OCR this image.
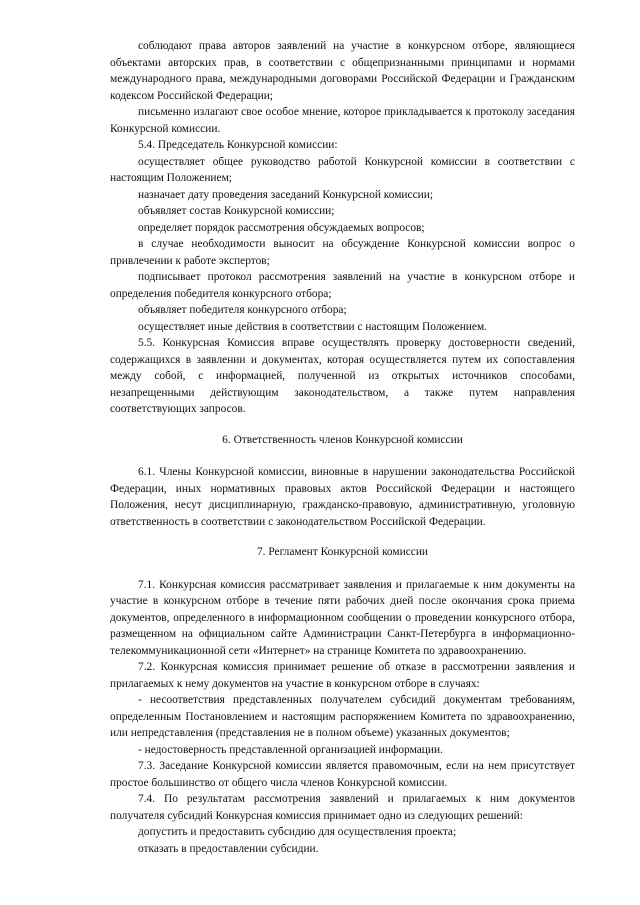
соблюдают права авторов заявлений на участие в конкурсном отборе, являющиеся объектами авторских прав, в соответствии с общепризнанными принципами и нормами международного права, международными договорами Российской Федерации и Гражданским кодексом Российской Федерации;

письменно излагают свое особое мнение, которое прикладывается к протоколу заседания Конкурсной комиссии.

5.4. Председатель Конкурсной комиссии:

осуществляет общее руководство работой Конкурсной комиссии в соответствии с настоящим Положением;

назначает дату проведения заседаний Конкурсной комиссии;

объявляет состав Конкурсной комиссии;

определяет порядок рассмотрения обсуждаемых вопросов;

в случае необходимости выносит на обсуждение Конкурсной комиссии вопрос о привлечении к работе экспертов;

подписывает протокол рассмотрения заявлений на участие в конкурсном отборе и определения победителя конкурсного отбора;

объявляет победителя конкурсного отбора;

осуществляет иные действия в соответствии с настоящим Положением.

5.5. Конкурсная Комиссия вправе осуществлять проверку достоверности сведений, содержащихся в заявлении и документах, которая осуществляется путем их сопоставления между собой, с информацией, полученной из открытых источников способами, незапрещенными действующим законодательством, а также путем направления соответствующих запросов.

6. Ответственность членов Конкурсной комиссии

6.1. Члены Конкурсной комиссии, виновные в нарушении законодательства Российской Федерации, иных нормативных правовых актов Российской Федерации и настоящего Положения, несут дисциплинарную, гражданско-правовую, административную, уголовную ответственность в соответствии с законодательством Российской Федерации.

7. Регламент Конкурсной комиссии

7.1. Конкурсная комиссия рассматривает заявления и прилагаемые к ним документы на участие в конкурсном отборе в течение пяти рабочих дней после окончания срока приема документов, определенного в информационном сообщении о проведении конкурсного отбора, размещенном на официальном сайте Администрации Санкт-Петербурга в информационно-телекоммуникационной сети «Интернет» на странице Комитета по здравоохранению.

7.2. Конкурсная комиссия принимает решение об отказе в рассмотрении заявления и прилагаемых к нему документов на участие в конкурсном отборе в случаях:

- несоответствия представленных получателем субсидий документам требованиям, определенным Постановлением и настоящим распоряжением Комитета по здравоохранению, или непредставления (представления не в полном объеме) указанных документов;

- недостоверность представленной организацией информации.

7.3. Заседание Конкурсной комиссии является правомочным, если на нем присутствует простое большинство от общего числа членов Конкурсной комиссии.

7.4. По результатам рассмотрения заявлений и прилагаемых к ним документов получателя субсидий Конкурсная комиссия принимает одно из следующих решений:

допустить и предоставить субсидию для осуществления проекта;

отказать в предоставлении субсидии.
